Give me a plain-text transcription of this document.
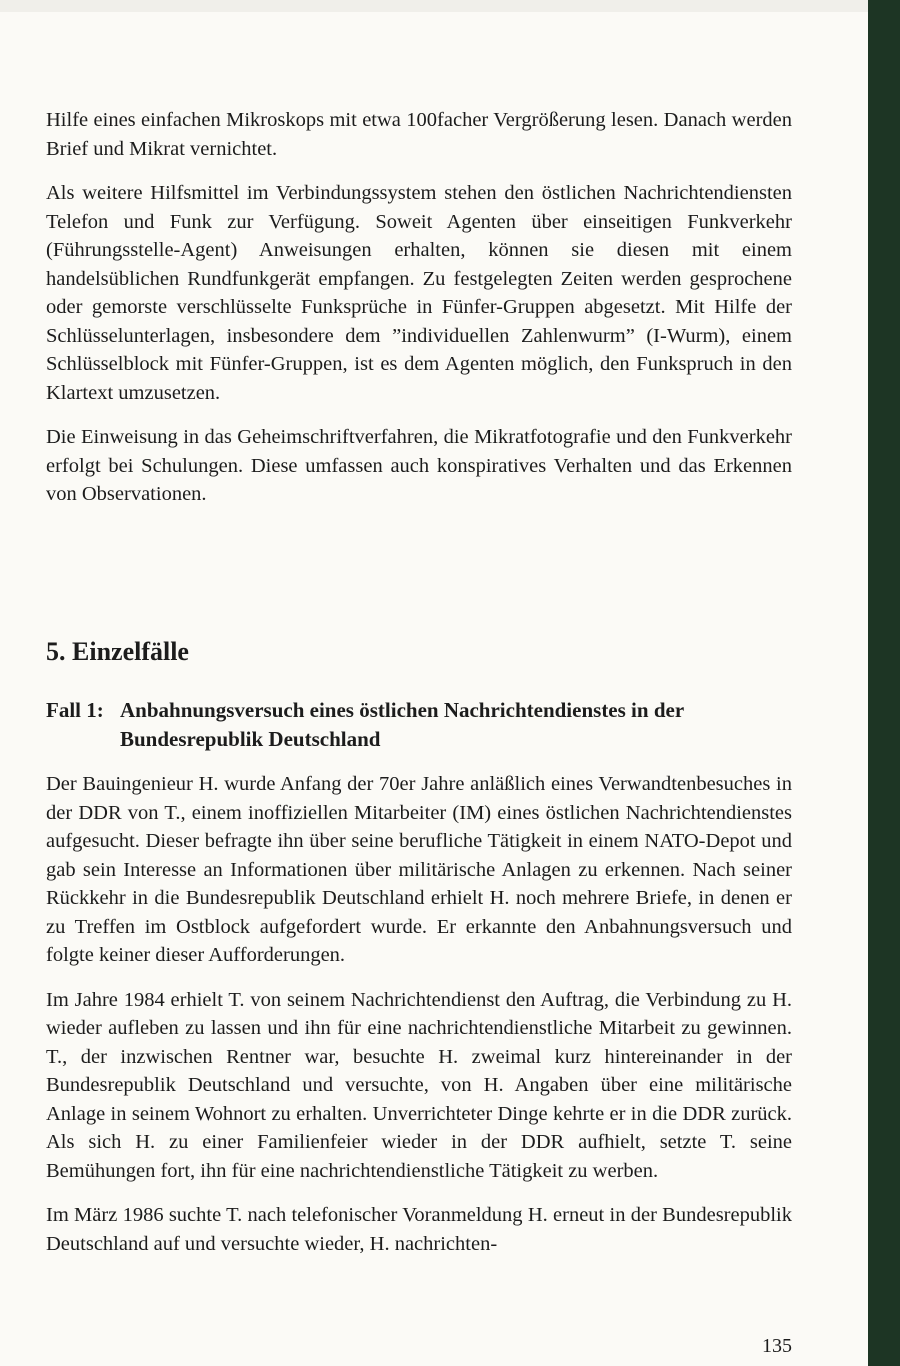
Hilfe eines einfachen Mikroskops mit etwa 100facher Vergrößerung lesen. Danach werden Brief und Mikrat vernichtet.

Als weitere Hilfsmittel im Verbindungssystem stehen den östlichen Nachrichtendiensten Telefon und Funk zur Verfügung. Soweit Agenten über einseitigen Funkverkehr (Führungsstelle-Agent) Anweisungen erhalten, können sie diesen mit einem handelsüblichen Rundfunkgerät empfangen. Zu festgelegten Zeiten werden gesprochene oder gemorste verschlüsselte Funksprüche in Fünfer-Gruppen abgesetzt. Mit Hilfe der Schlüsselunterlagen, insbesondere dem ”individuellen Zahlenwurm” (I-Wurm), einem Schlüsselblock mit Fünfer-Gruppen, ist es dem Agenten möglich, den Funkspruch in den Klartext umzusetzen.

Die Einweisung in das Geheimschriftverfahren, die Mikratfotografie und den Funkverkehr erfolgt bei Schulungen. Diese umfassen auch konspiratives Verhalten und das Erkennen von Observationen.

5. Einzelfälle
Fall 1: Anbahnungsversuch eines östlichen Nachrichtendienstes in der Bundesrepublik Deutschland

Der Bauingenieur H. wurde Anfang der 70er Jahre anläßlich eines Verwandtenbesuches in der DDR von T., einem inoffiziellen Mitarbeiter (IM) eines östlichen Nachrichtendienstes aufgesucht. Dieser befragte ihn über seine berufliche Tätigkeit in einem NATO-Depot und gab sein Interesse an Informationen über militärische Anlagen zu erkennen. Nach seiner Rückkehr in die Bundesrepublik Deutschland erhielt H. noch mehrere Briefe, in denen er zu Treffen im Ostblock aufgefordert wurde. Er erkannte den Anbahnungsversuch und folgte keiner dieser Aufforderungen.

Im Jahre 1984 erhielt T. von seinem Nachrichtendienst den Auftrag, die Verbindung zu H. wieder aufleben zu lassen und ihn für eine nachrichtendienstliche Mitarbeit zu gewinnen. T., der inzwischen Rentner war, besuchte H. zweimal kurz hintereinander in der Bundesrepublik Deutschland und versuchte, von H. Angaben über eine militärische Anlage in seinem Wohnort zu erhalten. Unverrichteter Dinge kehrte er in die DDR zurück. Als sich H. zu einer Familienfeier wieder in der DDR aufhielt, setzte T. seine Bemühungen fort, ihn für eine nachrichtendienstliche Tätigkeit zu werben.

Im März 1986 suchte T. nach telefonischer Voranmeldung H. erneut in der Bundesrepublik Deutschland auf und versuchte wieder, H. nachrichten-

135
